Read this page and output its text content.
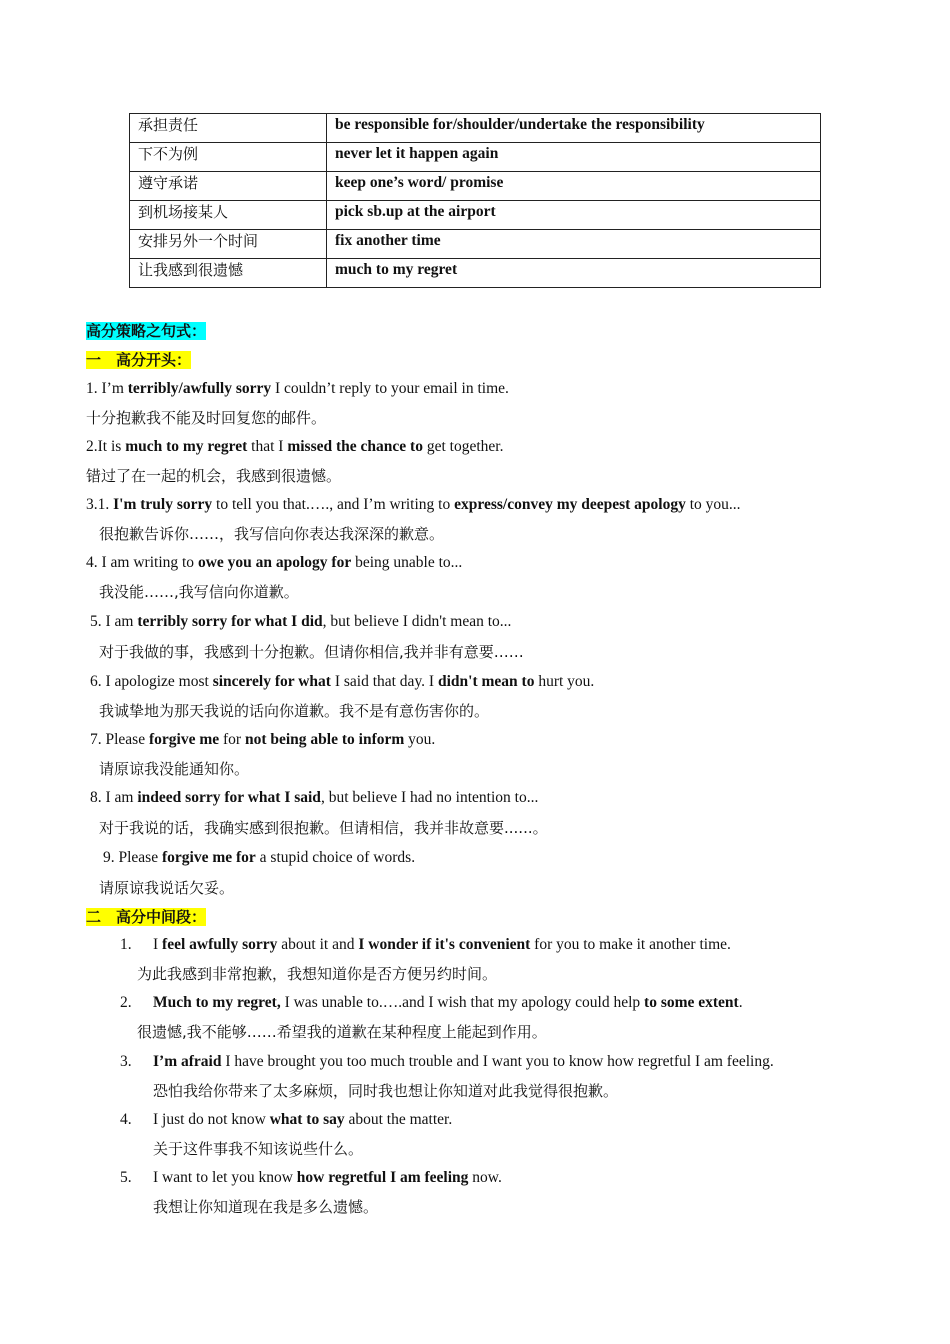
承担责任	be responsible for/shoulder/undertake the responsibility
下不为例	never let it happen again
遵守承诺	keep one’s word/ promise
到机场接某人	pick sb.up at the airport
安排另外一个时间	fix another time
让我感到很遗憾	much to my regret
高分策略之句式：
一　高分开头：
1. I’m terribly/awfully sorry I couldn’t reply to your email in time.
十分抱歉我不能及时回复您的邮件。
2.It is much to my regret that I missed the chance to get together.
错过了在一起的机会，我感到很遗憾。
3.1. I'm truly sorry to tell you that.…., and I’m writing to express/convey my deepest apology to you...
很抱歉告诉你……，我写信向你表达我深深的歉意。
4. I am writing to owe you an apology for being unable to...
我没能……,我写信向你道歉。
5. I am terribly sorry for what I did, but believe I didn't mean to...
对于我做的事，我感到十分抱歉。但请你相信,我并非有意要……
6. I apologize most sincerely for what I said that day. I didn't mean to hurt you.
我诚挚地为那天我说的话向你道歉。我不是有意伤害你的。
7. Please forgive me for not being able to inform you.
请原谅我没能通知你。
8. I am indeed sorry for what I said, but believe I had no intention to...
对于我说的话，我确实感到很抱歉。但请相信，我并非故意要......。
9. Please forgive me for a stupid choice of words.
请原谅我说话欠妥。
二　高分中间段：
1. I feel awfully sorry about it and I wonder if it's convenient for you to make it another time.
为此我感到非常抱歉，我想知道你是否方便另约时间。
2. Much to my regret, I was unable to.….and I wish that my apology could help to some extent.
很遗憾,我不能够……希望我的道歉在某种程度上能起到作用。
3. I’m afraid I have brought you too much trouble and I want you to know how regretful I am feeling.
恐怕我给你带来了太多麻烦，同时我也想让你知道对此我觉得很抱歉。
4. I just do not know what to say about the matter.
关于这件事我不知该说些什么。
5. I want to let you know how regretful I am feeling now.
我想让你知道现在我是多么遗憾。
